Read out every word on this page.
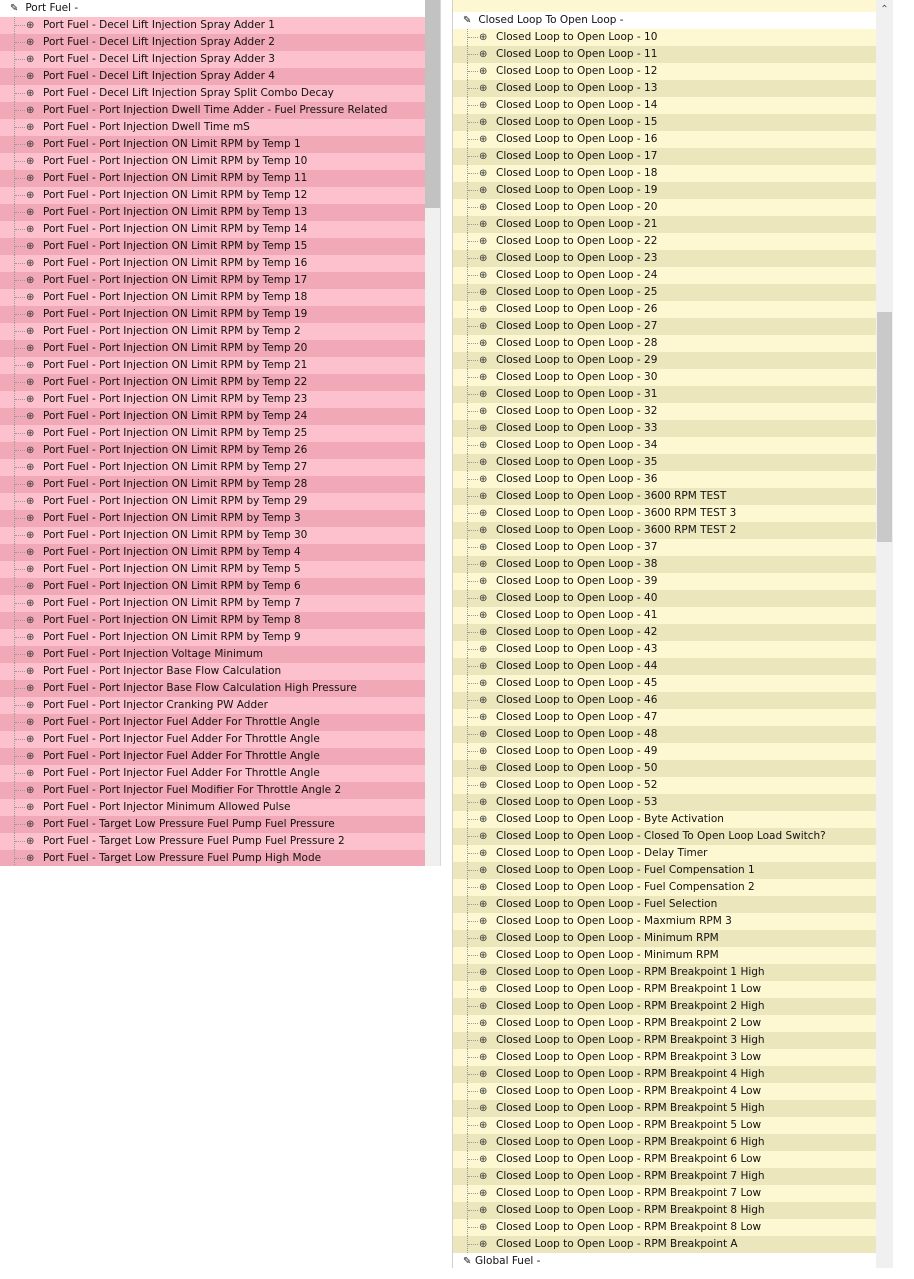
✎ Port Fuel -
⊕ Port Fuel - Decel Lift Injection Spray Adder 1
⊕ Port Fuel - Decel Lift Injection Spray Adder 2
⊕ Port Fuel - Decel Lift Injection Spray Adder 3
⊕ Port Fuel - Decel Lift Injection Spray Adder 4
⊕ Port Fuel - Decel Lift Injection Spray Split Combo Decay
⊕ Port Fuel - Port Injection Dwell Time Adder - Fuel Pressure Related
⊕ Port Fuel - Port Injection Dwell Time mS
⊕ Port Fuel - Port Injection ON Limit RPM by Temp 1
⊕ Port Fuel - Port Injection ON Limit RPM by Temp 10
⊕ Port Fuel - Port Injection ON Limit RPM by Temp 11
⊕ Port Fuel - Port Injection ON Limit RPM by Temp 12
⊕ Port Fuel - Port Injection ON Limit RPM by Temp 13
⊕ Port Fuel - Port Injection ON Limit RPM by Temp 14
⊕ Port Fuel - Port Injection ON Limit RPM by Temp 15
⊕ Port Fuel - Port Injection ON Limit RPM by Temp 16
⊕ Port Fuel - Port Injection ON Limit RPM by Temp 17
⊕ Port Fuel - Port Injection ON Limit RPM by Temp 18
⊕ Port Fuel - Port Injection ON Limit RPM by Temp 19
⊕ Port Fuel - Port Injection ON Limit RPM by Temp 2
⊕ Port Fuel - Port Injection ON Limit RPM by Temp 20
⊕ Port Fuel - Port Injection ON Limit RPM by Temp 21
⊕ Port Fuel - Port Injection ON Limit RPM by Temp 22
⊕ Port Fuel - Port Injection ON Limit RPM by Temp 23
⊕ Port Fuel - Port Injection ON Limit RPM by Temp 24
⊕ Port Fuel - Port Injection ON Limit RPM by Temp 25
⊕ Port Fuel - Port Injection ON Limit RPM by Temp 26
⊕ Port Fuel - Port Injection ON Limit RPM by Temp 27
⊕ Port Fuel - Port Injection ON Limit RPM by Temp 28
⊕ Port Fuel - Port Injection ON Limit RPM by Temp 29
⊕ Port Fuel - Port Injection ON Limit RPM by Temp 3
⊕ Port Fuel - Port Injection ON Limit RPM by Temp 30
⊕ Port Fuel - Port Injection ON Limit RPM by Temp 4
⊕ Port Fuel - Port Injection ON Limit RPM by Temp 5
⊕ Port Fuel - Port Injection ON Limit RPM by Temp 6
⊕ Port Fuel - Port Injection ON Limit RPM by Temp 7
⊕ Port Fuel - Port Injection ON Limit RPM by Temp 8
⊕ Port Fuel - Port Injection ON Limit RPM by Temp 9
⊕ Port Fuel - Port Injection Voltage Minimum
⊕ Port Fuel - Port Injector Base Flow Calculation
⊕ Port Fuel - Port Injector Base Flow Calculation High Pressure
⊕ Port Fuel - Port Injector Cranking PW Adder
⊕ Port Fuel - Port Injector Fuel Adder For Throttle Angle
⊕ Port Fuel - Port Injector Fuel Adder For Throttle Angle
⊕ Port Fuel - Port Injector Fuel Adder For Throttle Angle
⊕ Port Fuel - Port Injector Fuel Adder For Throttle Angle
⊕ Port Fuel - Port Injector Fuel Modifier For Throttle Angle 2
⊕ Port Fuel - Port Injector Minimum Allowed Pulse
⊕ Port Fuel - Target Low Pressure Fuel Pump Fuel Pressure
⊕ Port Fuel - Target Low Pressure Fuel Pump Fuel Pressure 2
⊕ Port Fuel - Target Low Pressure Fuel Pump High Mode
✎ Closed Loop To Open Loop -
⊕ Closed Loop to Open Loop - 10
⊕ Closed Loop to Open Loop - 11
⊕ Closed Loop to Open Loop - 12
⊕ Closed Loop to Open Loop - 13
⊕ Closed Loop to Open Loop - 14
⊕ Closed Loop to Open Loop - 15
⊕ Closed Loop to Open Loop - 16
⊕ Closed Loop to Open Loop - 17
⊕ Closed Loop to Open Loop - 18
⊕ Closed Loop to Open Loop - 19
⊕ Closed Loop to Open Loop - 20
⊕ Closed Loop to Open Loop - 21
⊕ Closed Loop to Open Loop - 22
⊕ Closed Loop to Open Loop - 23
⊕ Closed Loop to Open Loop - 24
⊕ Closed Loop to Open Loop - 25
⊕ Closed Loop to Open Loop - 26
⊕ Closed Loop to Open Loop - 27
⊕ Closed Loop to Open Loop - 28
⊕ Closed Loop to Open Loop - 29
⊕ Closed Loop to Open Loop - 30
⊕ Closed Loop to Open Loop - 31
⊕ Closed Loop to Open Loop - 32
⊕ Closed Loop to Open Loop - 33
⊕ Closed Loop to Open Loop - 34
⊕ Closed Loop to Open Loop - 35
⊕ Closed Loop to Open Loop - 36
⊕ Closed Loop to Open Loop - 3600 RPM TEST
⊕ Closed Loop to Open Loop - 3600 RPM TEST 3
⊕ Closed Loop to Open Loop - 3600 RPM TEST 2
⊕ Closed Loop to Open Loop - 37
⊕ Closed Loop to Open Loop - 38
⊕ Closed Loop to Open Loop - 39
⊕ Closed Loop to Open Loop - 40
⊕ Closed Loop to Open Loop - 41
⊕ Closed Loop to Open Loop - 42
⊕ Closed Loop to Open Loop - 43
⊕ Closed Loop to Open Loop - 44
⊕ Closed Loop to Open Loop - 45
⊕ Closed Loop to Open Loop - 46
⊕ Closed Loop to Open Loop - 47
⊕ Closed Loop to Open Loop - 48
⊕ Closed Loop to Open Loop - 49
⊕ Closed Loop to Open Loop - 50
⊕ Closed Loop to Open Loop - 52
⊕ Closed Loop to Open Loop - 53
⊕ Closed Loop to Open Loop - Byte Activation
⊕ Closed Loop to Open Loop - Closed To Open Loop Load Switch?
⊕ Closed Loop to Open Loop - Delay Timer
⊕ Closed Loop to Open Loop - Fuel Compensation 1
⊕ Closed Loop to Open Loop - Fuel Compensation 2
⊕ Closed Loop to Open Loop - Fuel Selection
⊕ Closed Loop to Open Loop - Maxmium RPM 3
⊕ Closed Loop to Open Loop - Minimum RPM
⊕ Closed Loop to Open Loop - Minimum RPM
⊕ Closed Loop to Open Loop - RPM Breakpoint 1 High
⊕ Closed Loop to Open Loop - RPM Breakpoint 1 Low
⊕ Closed Loop to Open Loop - RPM Breakpoint 2 High
⊕ Closed Loop to Open Loop - RPM Breakpoint 2 Low
⊕ Closed Loop to Open Loop - RPM Breakpoint 3 High
⊕ Closed Loop to Open Loop - RPM Breakpoint 3 Low
⊕ Closed Loop to Open Loop - RPM Breakpoint 4 High
⊕ Closed Loop to Open Loop - RPM Breakpoint 4 Low
⊕ Closed Loop to Open Loop - RPM Breakpoint 5 High
⊕ Closed Loop to Open Loop - RPM Breakpoint 5 Low
⊕ Closed Loop to Open Loop - RPM Breakpoint 6 High
⊕ Closed Loop to Open Loop - RPM Breakpoint 6 Low
⊕ Closed Loop to Open Loop - RPM Breakpoint 7 High
⊕ Closed Loop to Open Loop - RPM Breakpoint 7 Low
⊕ Closed Loop to Open Loop - RPM Breakpoint 8 High
⊕ Closed Loop to Open Loop - RPM Breakpoint 8 Low
⊕ Closed Loop to Open Loop - RPM Breakpoint A
✎ Global Fuel -
⌃
